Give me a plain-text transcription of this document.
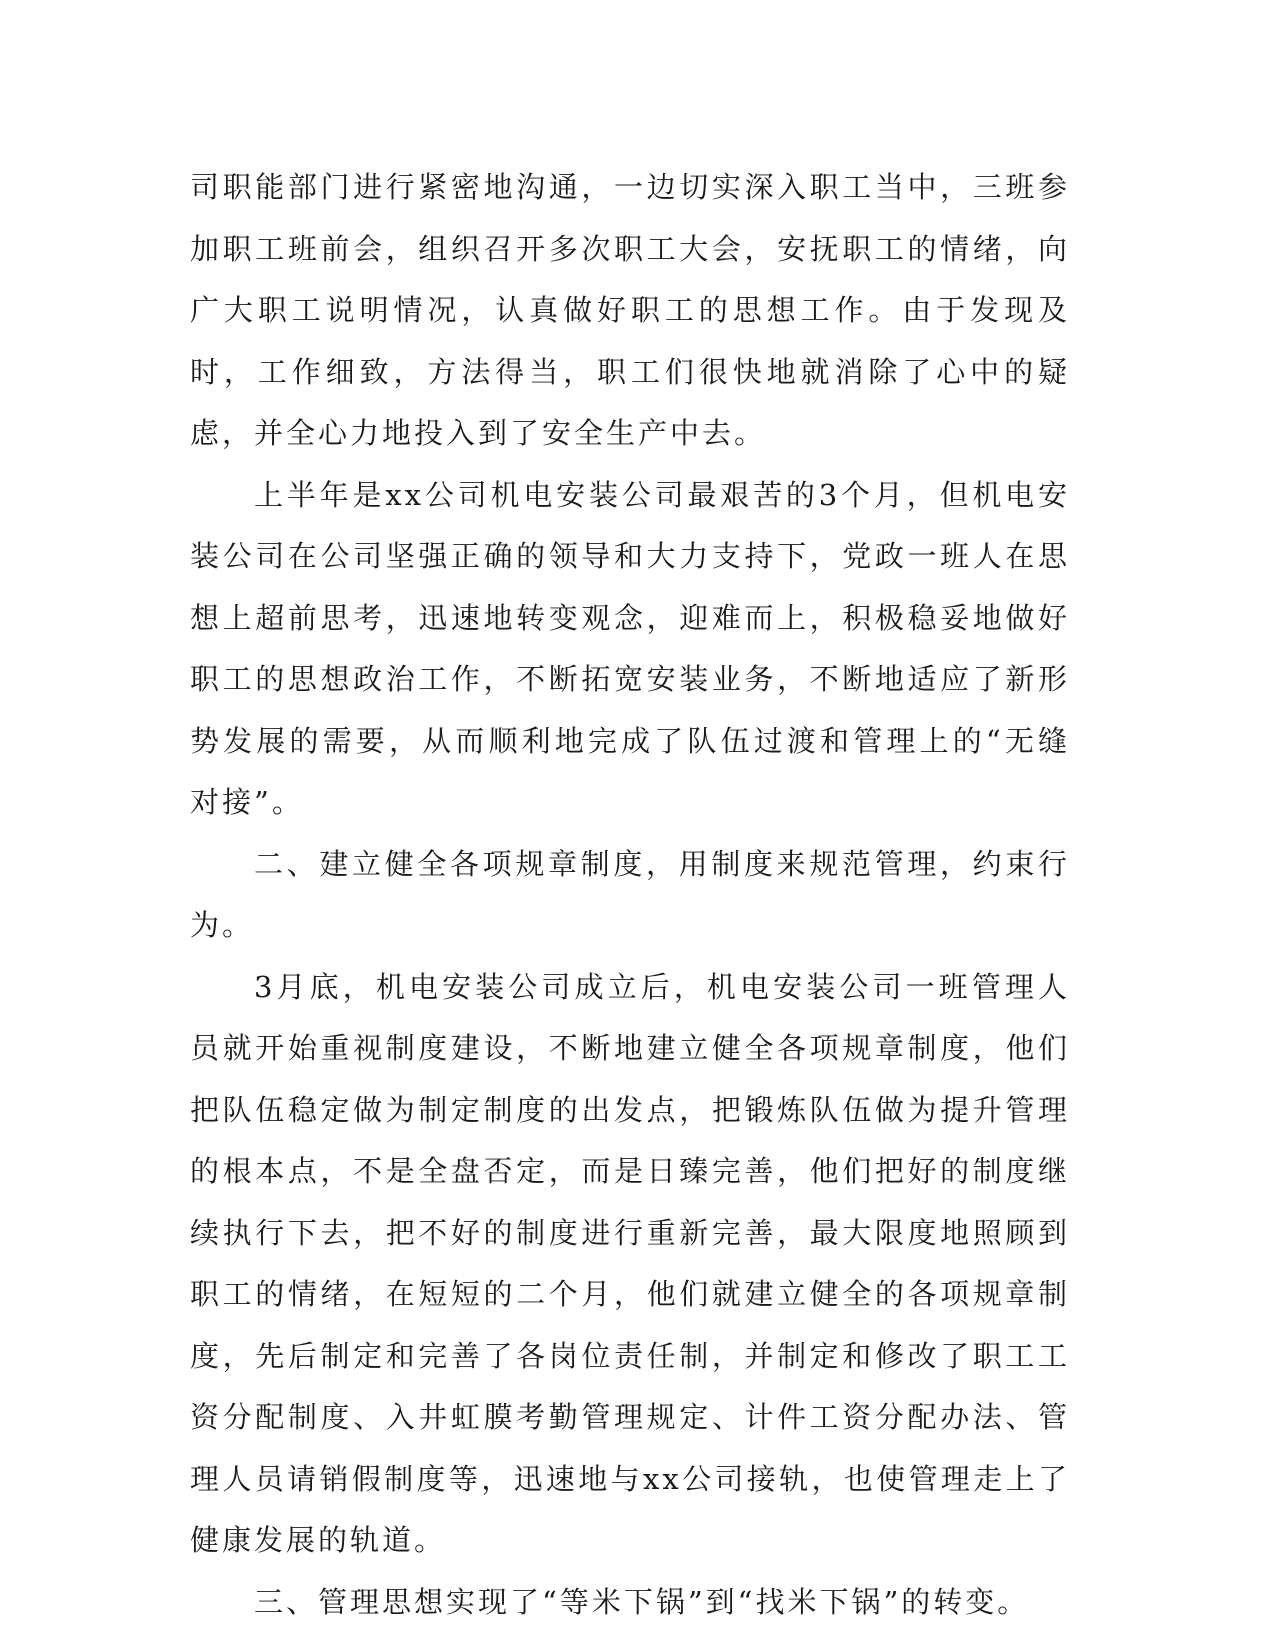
司职能部门进行紧密地沟通，一边切实深入职工当中，三班参加职工班前会，组织召开多次职工大会，安抚职工的情绪，向广大职工说明情况，认真做好职工的思想工作。由于发现及时，工作细致，方法得当，职工们很快地就消除了心中的疑虑，并全心力地投入到了安全生产中去。

上半年是xx公司机电安装公司最艰苦的3个月，但机电安装公司在公司坚强正确的领导和大力支持下，党政一班人在思想上超前思考，迅速地转变观念，迎难而上，积极稳妥地做好职工的思想政治工作，不断拓宽安装业务，不断地适应了新形势发展的需要，从而顺利地完成了队伍过渡和管理上的“无缝对接”。

二、建立健全各项规章制度，用制度来规范管理，约束行为。

3月底，机电安装公司成立后，机电安装公司一班管理人员就开始重视制度建设，不断地建立健全各项规章制度，他们把队伍稳定做为制定制度的出发点，把锻炼队伍做为提升管理的根本点，不是全盘否定，而是日臻完善，他们把好的制度继续执行下去，把不好的制度进行重新完善，最大限度地照顾到职工的情绪，在短短的二个月，他们就建立健全的各项规章制度，先后制定和完善了各岗位责任制，并制定和修改了职工工资分配制度、入井虹膜考勤管理规定、计件工资分配办法、管理人员请销假制度等，迅速地与xx公司接轨，也使管理走上了健康发展的轨道。

三、管理思想实现了“等米下锅”到“找米下锅”的转变。
